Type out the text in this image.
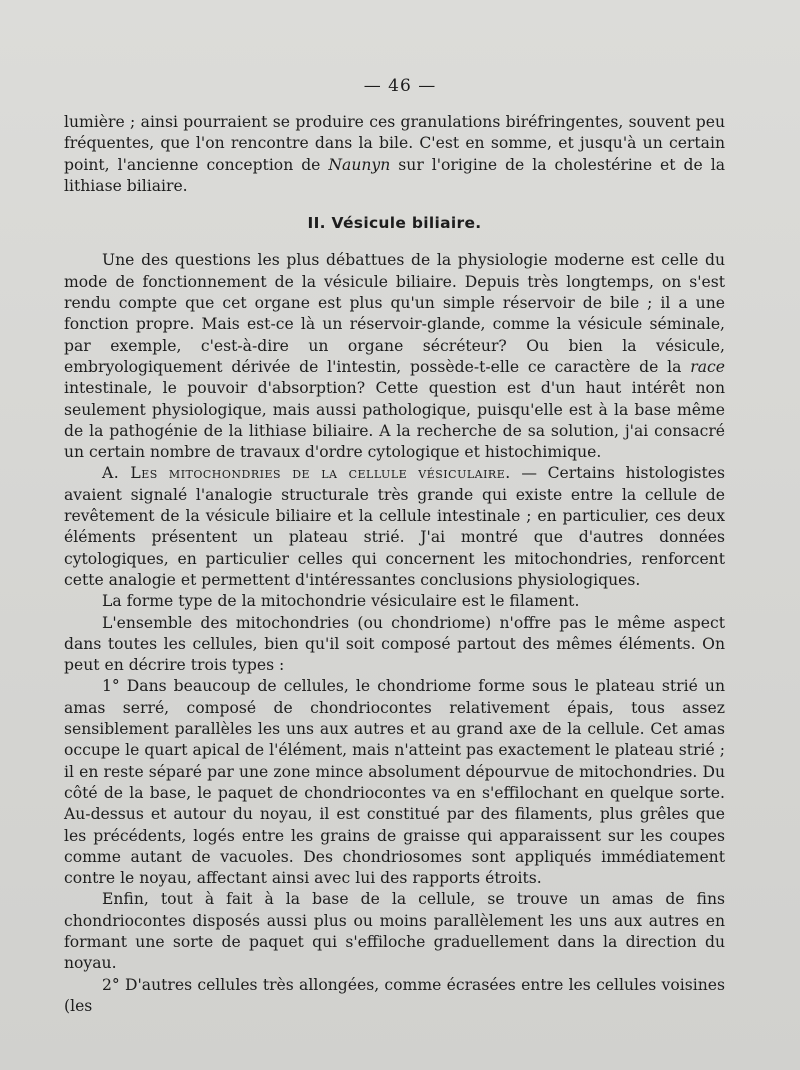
— 46 —

lumière ; ainsi pourraient se produire ces granulations biréfringentes, souvent peu fréquentes, que l'on rencontre dans la bile. C'est en somme, et jusqu'à un certain point, l'ancienne conception de Naunyn sur l'origine de la cholestérine et de la lithiase biliaire.

II. Vésicule biliaire.

Une des questions les plus débattues de la physiologie moderne est celle du mode de fonctionnement de la vésicule biliaire. Depuis très longtemps, on s'est rendu compte que cet organe est plus qu'un simple réservoir de bile ; il a une fonction propre. Mais est-ce là un réservoir-glande, comme la vésicule séminale, par exemple, c'est-à-dire un organe sécréteur? Ou bien la vésicule, embryologiquement dérivée de l'intestin, possède-t-elle ce caractère de la race intestinale, le pouvoir d'absorption? Cette question est d'un haut intérêt non seulement physiologique, mais aussi pathologique, puisqu'elle est à la base même de la pathogénie de la lithiase biliaire. A la recherche de sa solution, j'ai consacré un certain nombre de travaux d'ordre cytologique et histochimique.

A. Les mitochondries de la cellule vésiculaire. — Certains histologistes avaient signalé l'analogie structurale très grande qui existe entre la cellule de revêtement de la vésicule biliaire et la cellule intestinale ; en particulier, ces deux éléments présentent un plateau strié. J'ai montré que d'autres données cytologiques, en particulier celles qui concernent les mitochondries, renforcent cette analogie et permettent d'intéressantes conclusions physiologiques.

La forme type de la mitochondrie vésiculaire est le filament.

L'ensemble des mitochondries (ou chondriome) n'offre pas le même aspect dans toutes les cellules, bien qu'il soit composé partout des mêmes éléments. On peut en décrire trois types :

1° Dans beaucoup de cellules, le chondriome forme sous le plateau strié un amas serré, composé de chondriocontes relativement épais, tous assez sensiblement parallèles les uns aux autres et au grand axe de la cellule. Cet amas occupe le quart apical de l'élément, mais n'atteint pas exactement le plateau strié ; il en reste séparé par une zone mince absolument dépourvue de mitochondries. Du côté de la base, le paquet de chondriocontes va en s'effilochant en quelque sorte. Au-dessus et autour du noyau, il est constitué par des filaments, plus grêles que les précédents, logés entre les grains de graisse qui apparaissent sur les coupes comme autant de vacuoles. Des chondriosomes sont appliqués immédiatement contre le noyau, affectant ainsi avec lui des rapports étroits.

Enfin, tout à fait à la base de la cellule, se trouve un amas de fins chondriocontes disposés aussi plus ou moins parallèlement les uns aux autres en formant une sorte de paquet qui s'effiloche graduellement dans la direction du noyau.

2° D'autres cellules très allongées, comme écrasées entre les cellules voisines (les
